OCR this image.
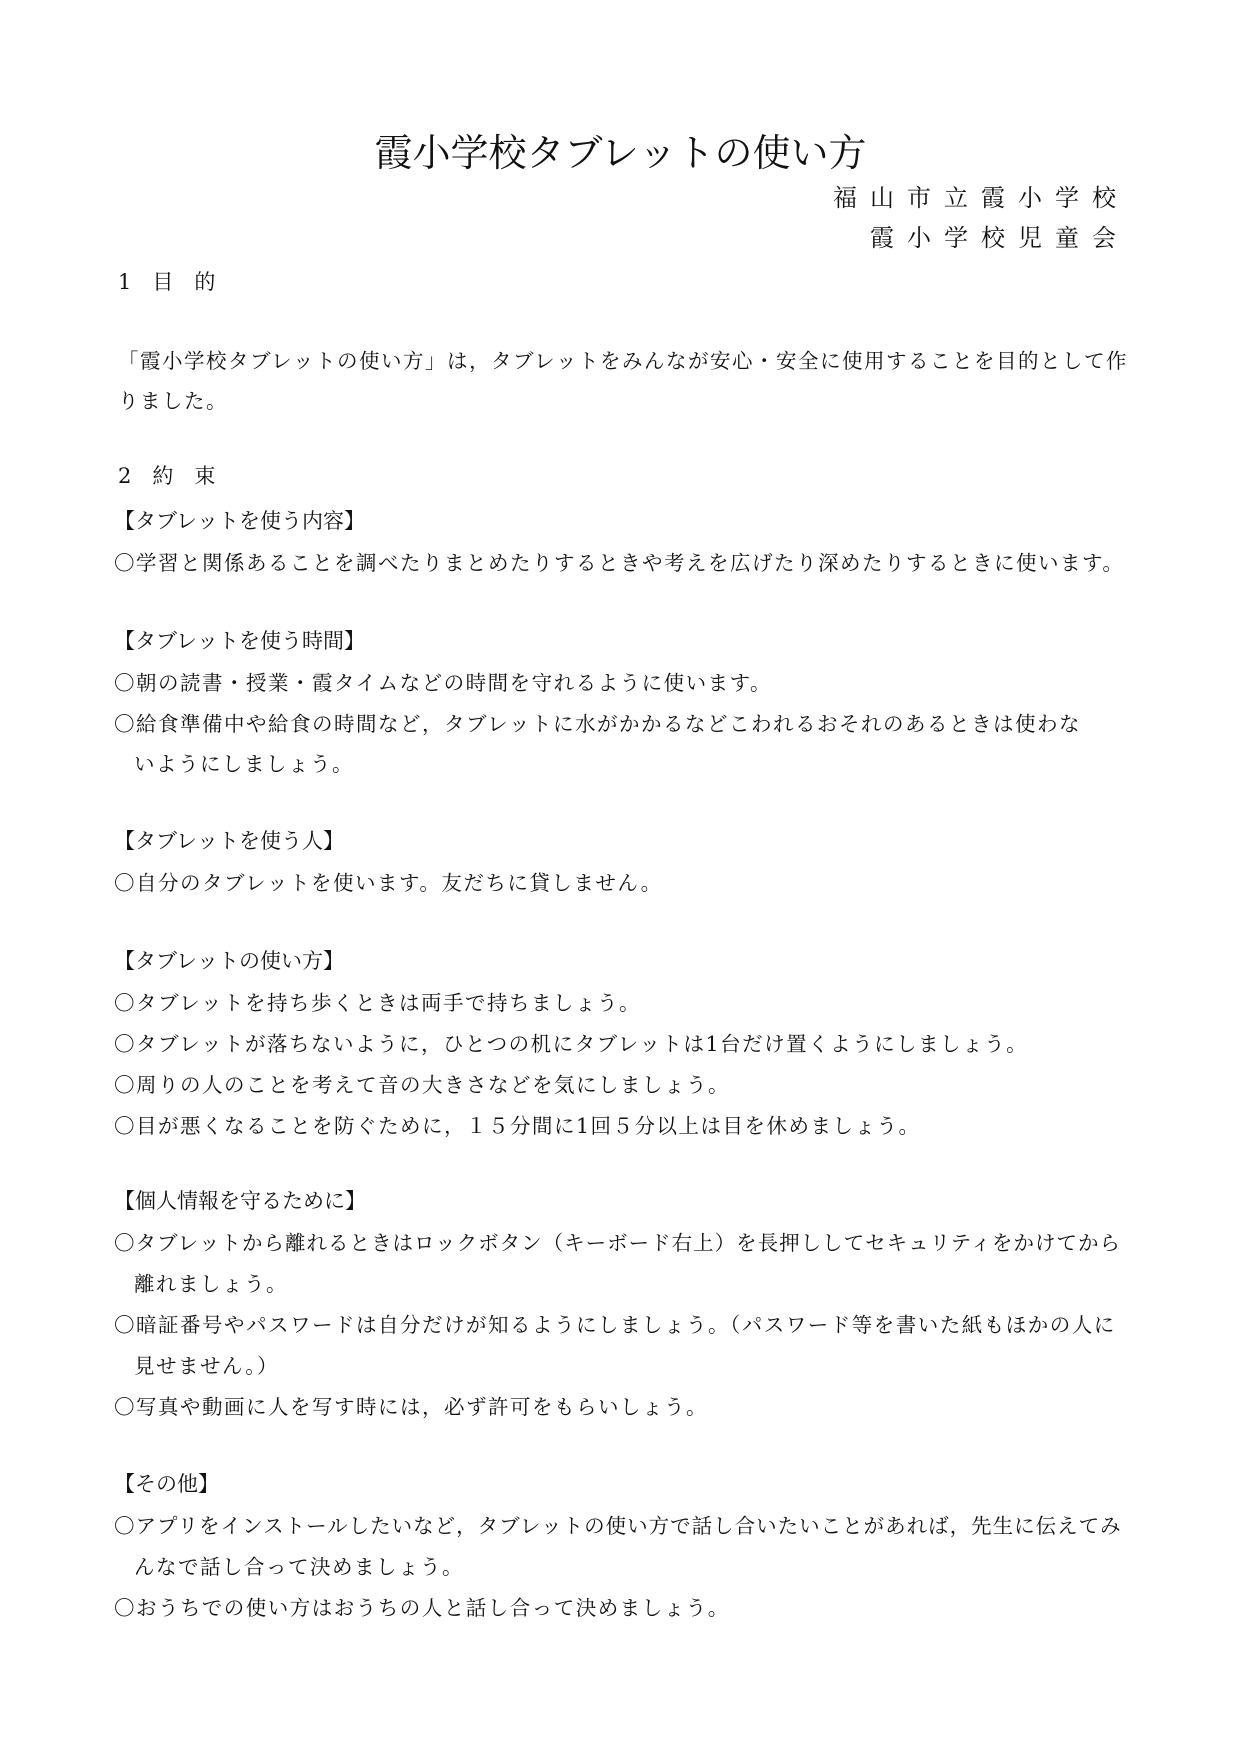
霞小学校タブレットの使い方
福山市立霞小学校
霞小学校児童会
1　目　的
「霞小学校タブレットの使い方」は，タブレットをみんなが安心・安全に使用することを目的として作
りました。
2　約　束
【タブレットを使う内容】
〇学習と関係あることを調べたりまとめたりするときや考えを広げたり深めたりするときに使います。
【タブレットを使う時間】
〇朝の読書・授業・霞タイムなどの時間を守れるように使います。
〇給食準備中や給食の時間など，タブレットに水がかかるなどこわれるおそれのあるときは使わな
いようにしましょう。
【タブレットを使う人】
〇自分のタブレットを使います。友だちに貸しません。
【タブレットの使い方】
〇タブレットを持ち歩くときは両手で持ちましょう。
〇タブレットが落ちないように，ひとつの机にタブレットは1台だけ置くようにしましょう。
〇周りの人のことを考えて音の大きさなどを気にしましょう。
〇目が悪くなることを防ぐために，１５分間に1回５分以上は目を休めましょう。
【個人情報を守るために】
〇タブレットから離れるときはロックボタン（キーボード右上）を長押ししてセキュリティをかけてから
離れましょう。
〇暗証番号やパスワードは自分だけが知るようにしましょう。（パスワード等を書いた紙もほかの人に
見せません。）
〇写真や動画に人を写す時には，必ず許可をもらいしょう。
【その他】
〇アプリをインストールしたいなど，タブレットの使い方で話し合いたいことがあれば，先生に伝えてみ
んなで話し合って決めましょう。
〇おうちでの使い方はおうちの人と話し合って決めましょう。
